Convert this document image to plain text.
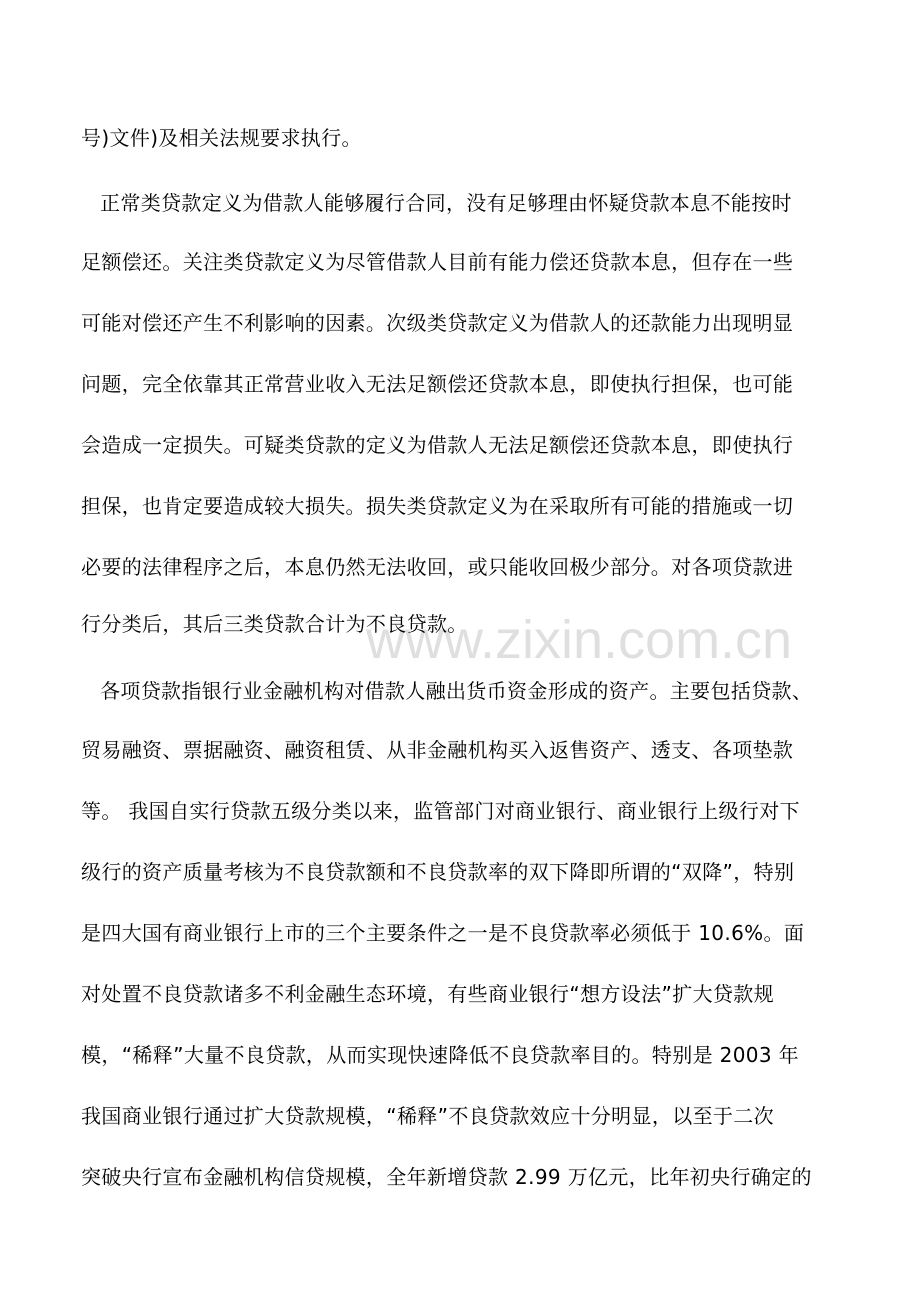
号)文件)及相关法规要求执行。
正常类贷款定义为借款人能够履行合同，没有足够理由怀疑贷款本息不能按时
足额偿还。关注类贷款定义为尽管借款人目前有能力偿还贷款本息，但存在一些
可能对偿还产生不利影响的因素。次级类贷款定义为借款人的还款能力出现明显
问题，完全依靠其正常营业收入无法足额偿还贷款本息，即使执行担保，也可能
会造成一定损失。可疑类贷款的定义为借款人无法足额偿还贷款本息，即使执行
担保，也肯定要造成较大损失。损失类贷款定义为在采取所有可能的措施或一切
必要的法律程序之后，本息仍然无法收回，或只能收回极少部分。对各项贷款进
行分类后，其后三类贷款合计为不良贷款。
各项贷款指银行业金融机构对借款人融出货币资金形成的资产。主要包括贷款、
贸易融资、票据融资、融资租赁、从非金融机构买入返售资产、透支、各项垫款
等。 我国自实行贷款五级分类以来，监管部门对商业银行、商业银行上级行对下
级行的资产质量考核为不良贷款额和不良贷款率的双下降即所谓的“双降”，特别
是四大国有商业银行上市的三个主要条件之一是不良贷款率必须低于 10.6%。面
对处置不良贷款诸多不利金融生态环境，有些商业银行“想方设法”扩大贷款规
模，“稀释”大量不良贷款，从而实现快速降低不良贷款率目的。特别是 2003 年
我国商业银行通过扩大贷款规模，“稀释”不良贷款效应十分明显，以至于二次
突破央行宣布金融机构信贷规模，全年新增贷款 2.99 万亿元，比年初央行确定的
www.zixin.com.cn
